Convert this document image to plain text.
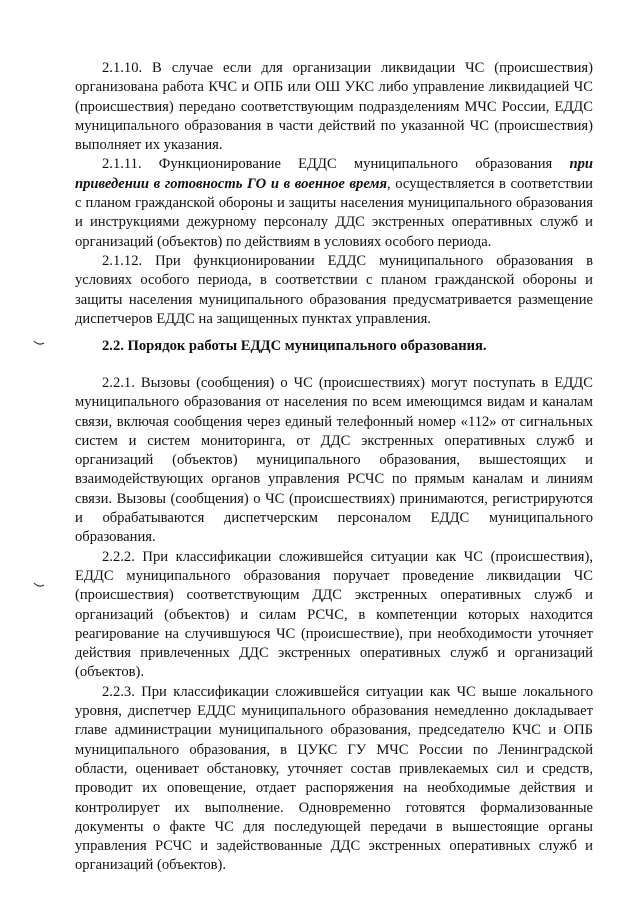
2.1.10. В случае если для организации ликвидации ЧС (происшествия) организована работа КЧС и ОПБ или ОШ УКС либо управление ликвидацией ЧС (происшествия) передано соответствующим подразделениям МЧС России, ЕДДС муниципального образования в части действий по указанной ЧС (происшествия) выполняет их указания.

2.1.11. Функционирование ЕДДС муниципального образования при приведении в готовность ГО и в военное время, осуществляется в соответствии с планом гражданской обороны и защиты населения муниципального образования и инструкциями дежурному персоналу ДДС экстренных оперативных служб и организаций (объектов) по действиям в условиях особого периода.

2.1.12. При функционировании ЕДДС муниципального образования в условиях особого периода, в соответствии с планом гражданской обороны и защиты населения муниципального образования предусматривается размещение диспетчеров ЕДДС на защищенных пунктах управления.

2.2. Порядок работы ЕДДС муниципального образования.

2.2.1. Вызовы (сообщения) о ЧС (происшествиях) могут поступать в ЕДДС муниципального образования от населения по всем имеющимся видам и каналам связи, включая сообщения через единый телефонный номер «112» от сигнальных систем и систем мониторинга, от ДДС экстренных оперативных служб и организаций (объектов) муниципального образования, вышестоящих и взаимодействующих органов управления РСЧС по прямым каналам и линиям связи. Вызовы (сообщения) о ЧС (происшествиях) принимаются, регистрируются и обрабатываются диспетчерским персоналом ЕДДС муниципального образования.

2.2.2. При классификации сложившейся ситуации как ЧС (происшествия), ЕДДС муниципального образования поручает проведение ликвидации ЧС (происшествия) соответствующим ДДС экстренных оперативных служб и организаций (объектов) и силам РСЧС, в компетенции которых находится реагирование на случившуюся ЧС (происшествие), при необходимости уточняет действия привлеченных ДДС экстренных оперативных служб и организаций (объектов).

2.2.3. При классификации сложившейся ситуации как ЧС выше локального уровня, диспетчер ЕДДС муниципального образования немедленно докладывает главе администрации муниципального образования, председателю КЧС и ОПБ муниципального образования, в ЦУКС ГУ МЧС России по Ленинградской области, оценивает обстановку, уточняет состав привлекаемых сил и средств, проводит их оповещение, отдает распоряжения на необходимые действия и контролирует их выполнение. Одновременно готовятся формализованные документы о факте ЧС для последующей передачи в вышестоящие органы управления РСЧС и задействованные ДДС экстренных оперативных служб и организаций (объектов).
